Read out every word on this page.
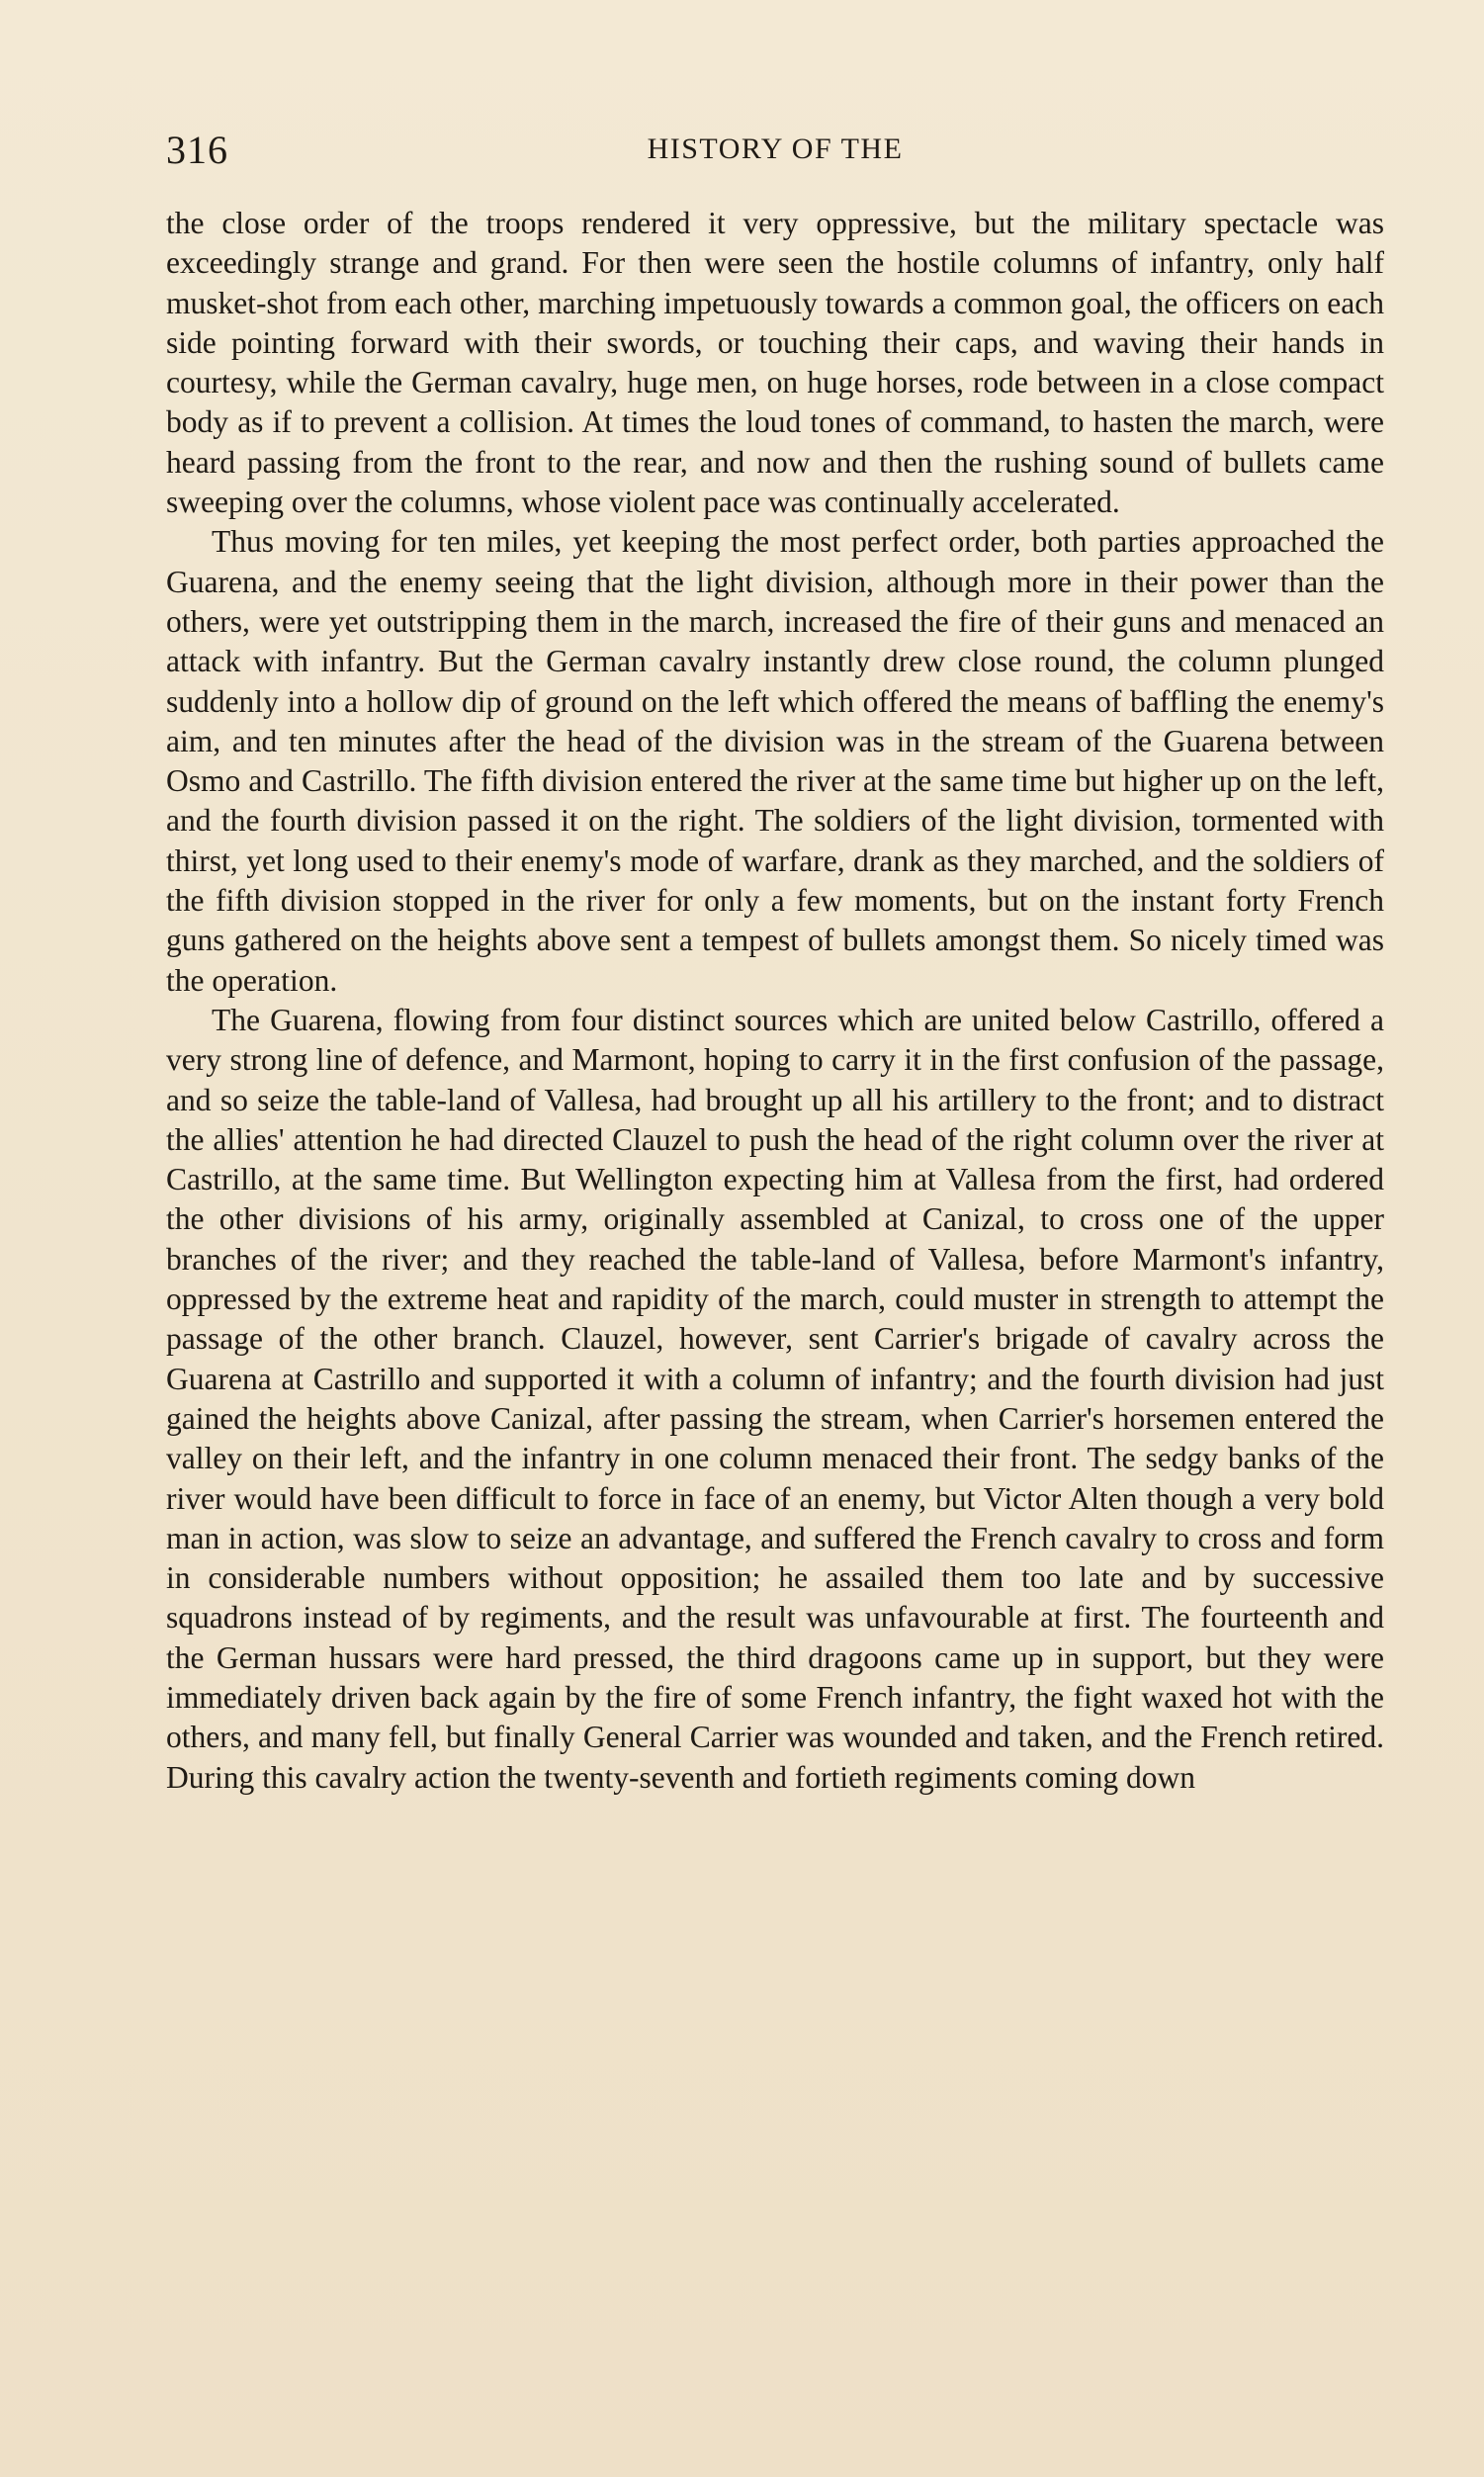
316	HISTORY OF THE

the close order of the troops rendered it very oppressive, but the military spectacle was exceedingly strange and grand. For then were seen the hostile columns of infantry, only half musket-shot from each other, marching impetuously towards a common goal, the officers on each side pointing forward with their swords, or touching their caps, and waving their hands in courtesy, while the German cavalry, huge men, on huge horses, rode between in a close compact body as if to prevent a collision. At times the loud tones of command, to hasten the march, were heard passing from the front to the rear, and now and then the rushing sound of bullets came sweeping over the columns, whose violent pace was continually accelerated.

Thus moving for ten miles, yet keeping the most perfect order, both parties approached the Guarena, and the enemy seeing that the light division, although more in their power than the others, were yet outstripping them in the march, increased the fire of their guns and menaced an attack with infantry. But the German cavalry instantly drew close round, the column plunged suddenly into a hollow dip of ground on the left which offered the means of baffling the enemy's aim, and ten minutes after the head of the division was in the stream of the Guarena between Osmo and Castrillo. The fifth division entered the river at the same time but higher up on the left, and the fourth division passed it on the right. The soldiers of the light division, tormented with thirst, yet long used to their enemy's mode of warfare, drank as they marched, and the soldiers of the fifth division stopped in the river for only a few moments, but on the instant forty French guns gathered on the heights above sent a tempest of bullets amongst them. So nicely timed was the operation.

The Guarena, flowing from four distinct sources which are united below Castrillo, offered a very strong line of defence, and Marmont, hoping to carry it in the first confusion of the passage, and so seize the table-land of Vallesa, had brought up all his artillery to the front; and to distract the allies' attention he had directed Clauzel to push the head of the right column over the river at Castrillo, at the same time. But Wellington expecting him at Vallesa from the first, had ordered the other divisions of his army, originally assembled at Canizal, to cross one of the upper branches of the river; and they reached the table-land of Vallesa, before Marmont's infantry, oppressed by the extreme heat and rapidity of the march, could muster in strength to attempt the passage of the other branch. Clauzel, however, sent Carrier's brigade of cavalry across the Guarena at Castrillo and supported it with a column of infantry; and the fourth division had just gained the heights above Canizal, after passing the stream, when Carrier's horsemen entered the valley on their left, and the infantry in one column menaced their front. The sedgy banks of the river would have been difficult to force in face of an enemy, but Victor Alten though a very bold man in action, was slow to seize an advantage, and suffered the French cavalry to cross and form in considerable numbers without opposition; he assailed them too late and by successive squadrons instead of by regiments, and the result was unfavourable at first. The fourteenth and the German hussars were hard pressed, the third dragoons came up in support, but they were immediately driven back again by the fire of some French infantry, the fight waxed hot with the others, and many fell, but finally General Carrier was wounded and taken, and the French retired. During this cavalry action the twenty-seventh and fortieth regiments coming down
